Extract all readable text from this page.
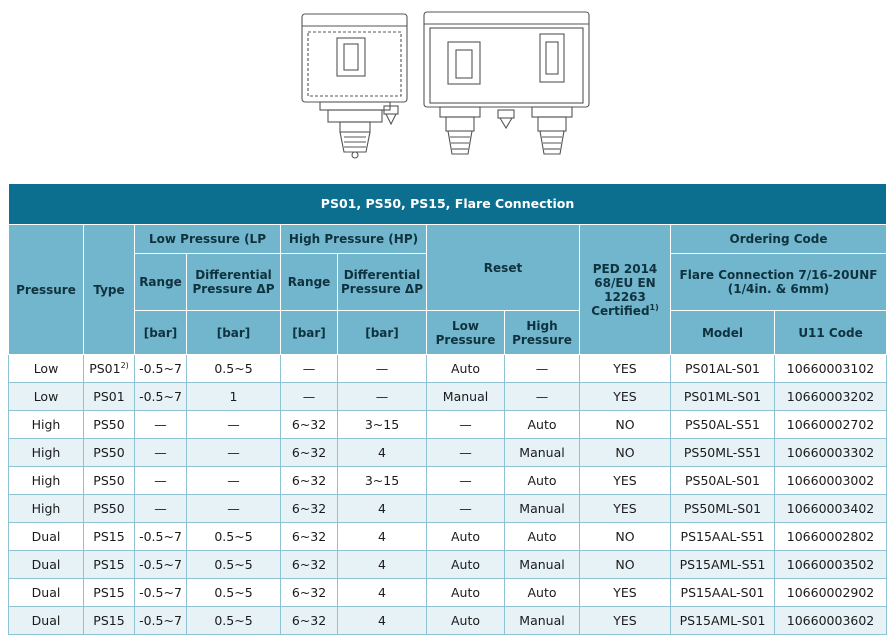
PS01, PS50, PS15, Flare Connection										
Pressure	Type	Low Pressure (LP		High Pressure (HP)		Reset		PED 2014 68/EU EN 12263 Certified$^{1)}$	Ordering Code	
		Range	Differential Pressure ΔP	Range	Differential Pressure ΔP				Flare Connection 7/16-20UNF (1/4in. & 6mm)	
		[bar]	[bar]	[bar]	[bar]	Low Pressure	High Pressure		Model	U11 Code
Low	PS01$^{2)}$	-0.5~7	0.5~5	—	—	Auto	—	YES	PS01AL-S01	10660003102
Low	PS01	-0.5~7	1	—	—	Manual	—	YES	PS01ML-S01	10660003202
High	PS50	—	—	6~32	3~15	—	Auto	NO	PS50AL-S51	10660002702
High	PS50	—	—	6~32	4	—	Manual	NO	PS50ML-S51	10660003302
High	PS50	—	—	6~32	3~15	—	Auto	YES	PS50AL-S01	10660003002
High	PS50	—	—	6~32	4	—	Manual	YES	PS50ML-S01	10660003402
Dual	PS15	-0.5~7	0.5~5	6~32	4	Auto	Auto	NO	PS15AAL-S51	10660002802
Dual	PS15	-0.5~7	0.5~5	6~32	4	Auto	Manual	NO	PS15AML-S51	10660003502
Dual	PS15	-0.5~7	0.5~5	6~32	4	Auto	Auto	YES	PS15AAL-S01	10660002902
Dual	PS15	-0.5~7	0.5~5	6~32	4	Auto	Manual	YES	PS15AML-S01	10660003602
